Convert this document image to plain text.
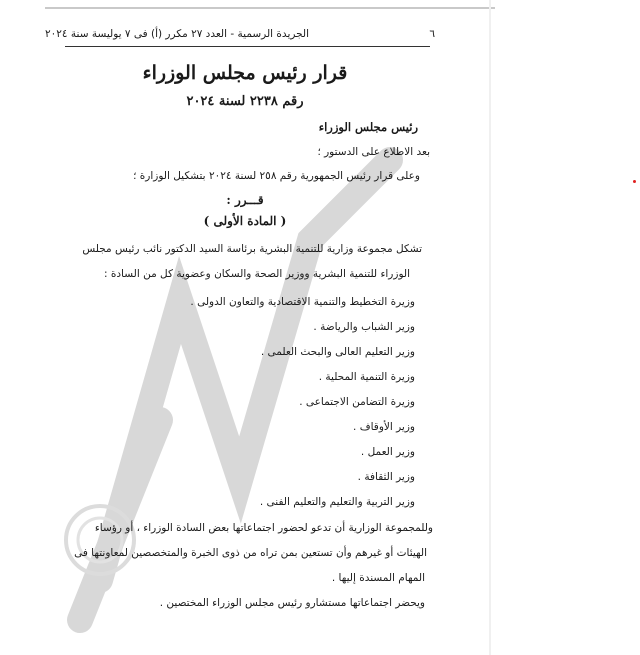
٦
الجريدة الرسمية - العدد ٢٧ مكرر (أ) فى ٧ يوليسة سنة ٢٠٢٤
قرار رئيس مجلس الوزراء
رقم ٢٢٣٨ لسنة ٢٠٢٤
رئيس مجلس الوزراء
بعد الاطلاع على الدستور ؛
وعلى قرار رئيس الجمهورية رقم ٢٥٨ لسنة ٢٠٢٤ بتشكيل الوزارة ؛
قـــرر :
( المادة الأولى )
تشكل مجموعة وزارية للتنمية البشرية برئاسة السيد الدكتور نائب رئيس مجلس
الوزراء للتنمية البشرية ووزير الصحة والسكان وعضوية كل من السادة :
وزيرة التخطيط والتنمية الاقتصادية والتعاون الدولى .
وزير الشباب والرياضة .
وزير التعليم العالى والبحث العلمى .
وزيرة التنمية المحلية .
وزيرة التضامن الاجتماعى .
وزير الأوقاف .
وزير العمل .
وزير الثقافة .
وزير التربية والتعليم والتعليم الفنى .
وللمجموعة الوزارية أن تدعو لحضور اجتماعاتها بعض السادة الوزراء ، أو رؤساء
الهيئات أو غيرهم وأن تستعين بمن تراه من ذوى الخبرة والمتخصصين لمعاونتها فى
المهام المسندة إليها .
ويحضر اجتماعاتها مستشارو رئيس مجلس الوزراء المختصين .
